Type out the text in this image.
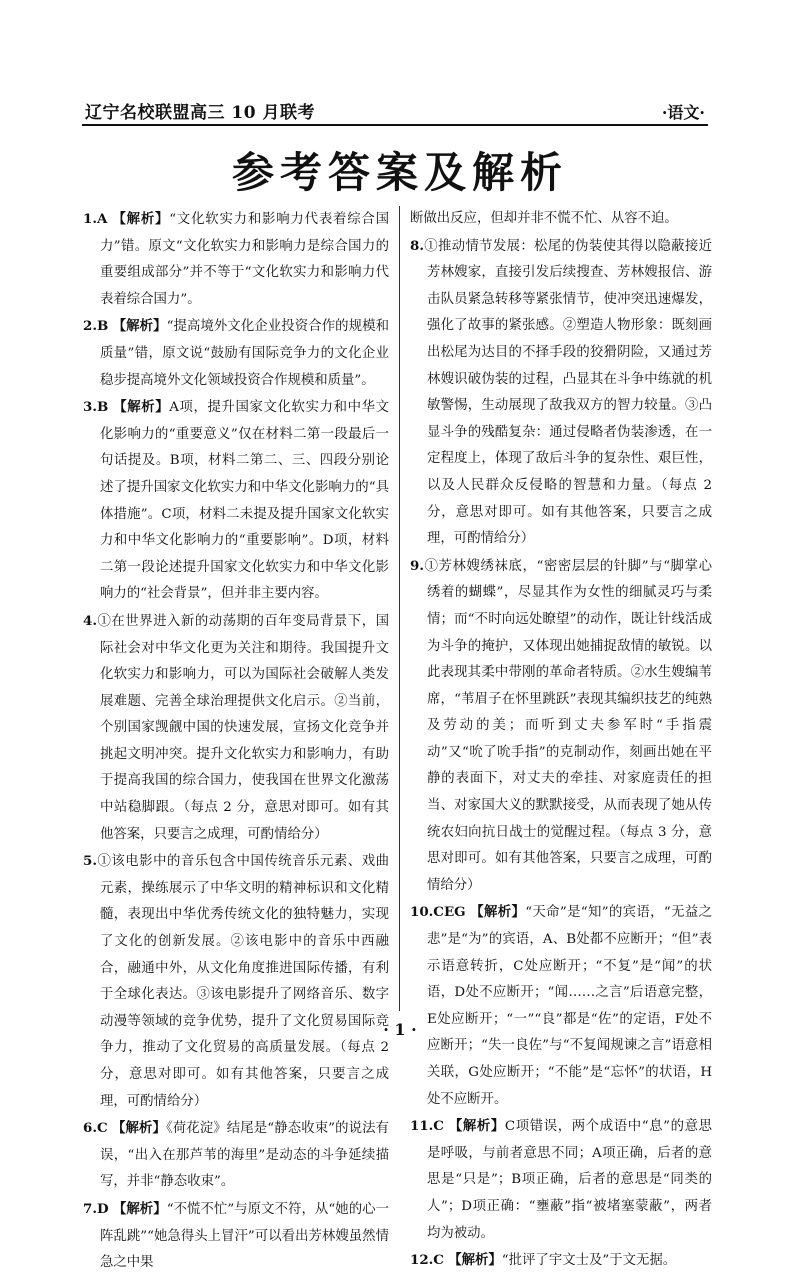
辽宁名校联盟高三 10 月联考	·语文·
参考答案及解析

1.A 【解析】“文化软实力和影响力代表着综合国力”错。原文“文化软实力和影响力是综合国力的重要组成部分”并不等于“文化软实力和影响力代表着综合国力”。

2.B 【解析】“提高境外文化企业投资合作的规模和质量”错，原文说“鼓励有国际竞争力的文化企业稳步提高境外文化领域投资合作规模和质量”。

3.B 【解析】A项，提升国家文化软实力和中华文化影响力的“重要意义”仅在材料二第一段最后一句话提及。B项，材料二第二、三、四段分别论述了提升国家文化软实力和中华文化影响力的“具体措施”。C项，材料二未提及提升国家文化软实力和中华文化影响力的“重要影响”。D项，材料二第一段论述提升国家文化软实力和中华文化影响力的“社会背景”，但并非主要内容。

4.①在世界进入新的动荡期的百年变局背景下，国际社会对中华文化更为关注和期待。我国提升文化软实力和影响力，可以为国际社会破解人类发展难题、完善全球治理提供文化启示。②当前，个别国家觊觎中国的快速发展，宣扬文化竞争并挑起文明冲突。提升文化软实力和影响力，有助于提高我国的综合国力，使我国在世界文化激荡中站稳脚跟。（每点 2 分，意思对即可。如有其他答案，只要言之成理，可酌情给分）

5.①该电影中的音乐包含中国传统音乐元素、戏曲元素，操练展示了中华文明的精神标识和文化精髓，表现出中华优秀传统文化的独特魅力，实现了文化的创新发展。②该电影中的音乐中西融合，融通中外，从文化角度推进国际传播，有利于全球化表达。③该电影提升了网络音乐、数字动漫等领域的竞争优势，提升了文化贸易国际竞争力，推动了文化贸易的高质量发展。（每点 2 分，意思对即可。如有其他答案，只要言之成理，可酌情给分）

6.C 【解析】《荷花淀》结尾是“静态收束”的说法有误，“出入在那芦苇的海里”是动态的斗争延续描写，并非“静态收束”。

7.D 【解析】“不慌不忙”与原文不符，从“她的心一阵乱跳”“她急得头上冒汗”可以看出芳林嫂虽然情急之中果

断做出反应，但却并非不慌不忙、从容不迫。

8.①推动情节发展：松尾的伪装使其得以隐蔽接近芳林嫂家，直接引发后续搜查、芳林嫂报信、游击队员紧急转移等紧张情节，使冲突迅速爆发，强化了故事的紧张感。②塑造人物形象：既刻画出松尾为达目的不择手段的狡猾阴险，又通过芳林嫂识破伪装的过程，凸显其在斗争中练就的机敏警惕，生动展现了敌我双方的智力较量。③凸显斗争的残酷复杂：通过侵略者伪装渗透，在一定程度上，体现了敌后斗争的复杂性、艰巨性，以及人民群众反侵略的智慧和力量。（每点 2 分，意思对即可。如有其他答案，只要言之成理，可酌情给分）

9.①芳林嫂绣袜底，“密密层层的针脚”与“脚掌心绣着的蝴蝶”，尽显其作为女性的细腻灵巧与柔情；而“不时向远处瞭望”的动作，既让针线活成为斗争的掩护，又体现出她捕捉敌情的敏锐。以此表现其柔中带刚的革命者特质。②水生嫂编苇席，“苇眉子在怀里跳跃”表现其编织技艺的纯熟及劳动的美；而听到丈夫参军时“手指震动”又“吮了吮手指”的克制动作，刻画出她在平静的表面下，对丈夫的牵挂、对家庭责任的担当、对家国大义的默默接受，从而表现了她从传统农妇向抗日战士的觉醒过程。（每点 3 分，意思对即可。如有其他答案，只要言之成理，可酌情给分）

10.CEG 【解析】“天命”是“知”的宾语，“无益之悲”是“为”的宾语，A、B处都不应断开；“但”表示语意转折，C处应断开；“不复”是“闻”的状语，D处不应断开；“闻……之言”后语意完整，E处应断开；“一”“良”都是“佐”的定语，F处不应断开；“失一良佐”与“不复闻规谏之言”语意相关联，G处应断开；“不能”是“忘怀”的状语，H处不应断开。

11.C 【解析】C项错误，两个成语中“息”的意思是呼吸，与前者意思不同；A项正确，后者的意思是“只是”；B项正确，后者的意思是“同类的人”；D项正确：“壅蔽”指“被堵塞蒙蔽”，两者均为被动。

12.C 【解析】“批评了宇文士及”于文无据。

· 1 ·
